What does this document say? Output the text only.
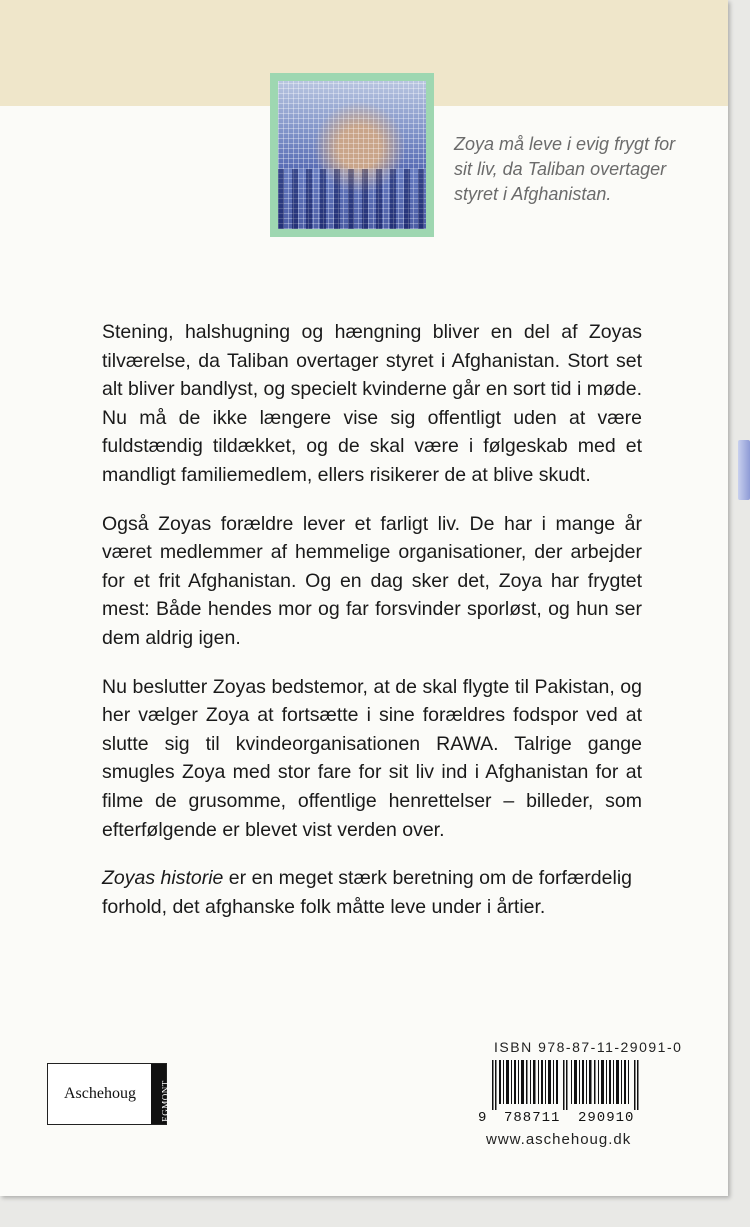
Zoya må leve i evig frygt for
sit liv, da Taliban overtager
styret i Afghanistan.

Stening, halshugning og hængning bliver en del af Zoyas tilværelse, da Taliban overtager styret i Afghanistan. Stort set alt bliver bandlyst, og specielt kvinderne går en sort tid i møde. Nu må de ikke længere vise sig offentligt uden at være fuldstændig tildækket, og de skal være i følgeskab med et mandligt familiemedlem, ellers risikerer de at blive skudt.

Også Zoyas forældre lever et farligt liv. De har i mange år været medlemmer af hemmelige organisationer, der arbejder for et frit Afghanistan. Og en dag sker det, Zoya har frygtet mest: Både hendes mor og far forsvinder sporløst, og hun ser dem aldrig igen.

Nu beslutter Zoyas bedstemor, at de skal flygte til Pakistan, og her vælger Zoya at fortsætte i sine forældres fodspor ved at slutte sig til kvindeorganisationen RAWA. Talrige gange smugles Zoya med stor fare for sit liv ind i Afghanistan for at filme de grusomme, offentlige henrettelser – billeder, som efterfølgende er blevet vist verden over.

Zoyas historie er en meget stærk beretning om de forfærdelig forhold, det afghanske folk måtte leve under i årtier.

Aschehoug	EGMONT
ISBN 978-87-11-29091-0
9 788711 290910
www.aschehoug.dk
